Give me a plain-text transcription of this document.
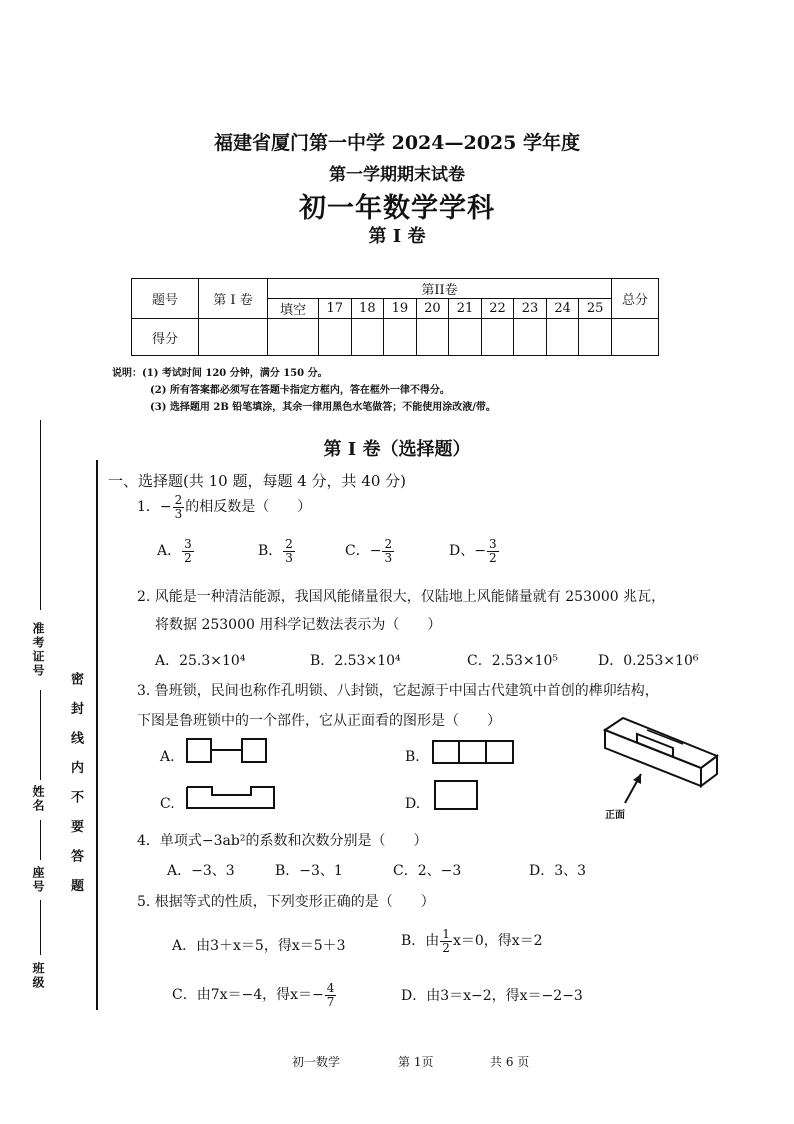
福建省厦门第一中学 2024—2025 学年度
第一学期期末试卷
初一年数学学科
第 I 卷
题号	第 I 卷	第II卷										总分
		填空	17	18	19	20	21	22	23	24	25	
得分												
说明：(1) 考试时间 120 分钟，满分 150 分。
(2) 所有答案都必须写在答题卡指定方框内，答在框外一律不得分。
(3) 选择题用 2B 铅笔填涂，其余一律用黑色水笔做答；不能使用涂改液/带。
第 I 卷（选择题）
一、选择题(共 10 题，每题 4 分，共 40 分)
1．− $\frac{2}{3}$ 的相反数是（　　）
A． $\frac{3}{2}$	B． $\frac{2}{3}$	C．− $\frac{2}{3}$	D、− $\frac{3}{2}$
2. 风能是一种清洁能源，我国风能储量很大，仅陆地上风能储量就有 253000 兆瓦，
将数据 253000 用科学记数法表示为（　　）
A．25.3×10⁴	B．2.53×10⁴	C．2.53×10⁵	D．0.253×10⁶
3. 鲁班锁，民间也称作孔明锁、八封锁，它起源于中国古代建筑中首创的榫卯结构，
下图是鲁班锁中的一个部件，它从正面看的图形是（　　）
A.	B.
C.	D.
正面
4．单项式−3ab²的系数和次数分别是（　　）
A．−3、3	B．−3、1	C．2、−3	D．3、3
5. 根据等式的性质，下列变形正确的是（　　）
A．由3＋x＝5，得x＝5＋3	B．由 $\frac{1}{2} x=0$，得x＝2
C．由7x＝−4，得$x=- \frac{4}{7}$	D．由3＝x−2，得x＝−2−3
准考证号
姓名
座号
班级
密 封 线 内 不 要 答 题
初一数学	第 1页	共 6 页
